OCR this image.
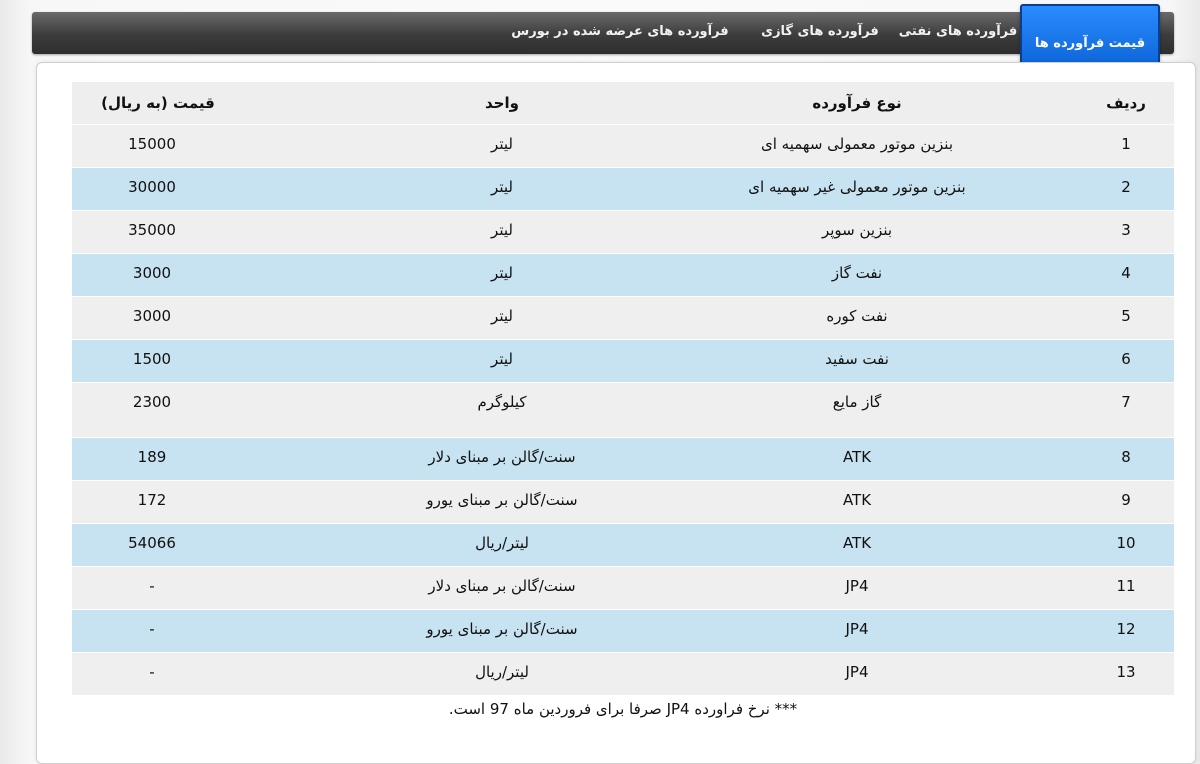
قیمت فرآورده ها
فرآورده های نفتی
فرآورده های گازی
فرآورده های عرضه شده در بورس
ردیف
نوع فرآورده
واحد
قیمت (به ریال)
1
بنزین موتور معمولی سهمیه ای
لیتر
15000
2
بنزین موتور معمولی غیر سهمیه ای
لیتر
30000
3
بنزین سوپر
لیتر
35000
4
نفت گاز
لیتر
3000
5
نفت کوره
لیتر
3000
6
نفت سفید
لیتر
1500
7
گاز مایع
کیلوگرم
2300
8
ATK
سنت/گالن بر مبنای دلار
189
9
ATK
سنت/گالن بر مبنای یورو
172
10
ATK
لیتر/ریال
54066
11
JP4
سنت/گالن بر مبنای دلار
-
12
JP4
سنت/گالن بر مبنای یورو
-
13
JP4
لیتر/ریال
-
*** نرخ فراورده JP4 صرفا برای فروردین ماه 97 است.
